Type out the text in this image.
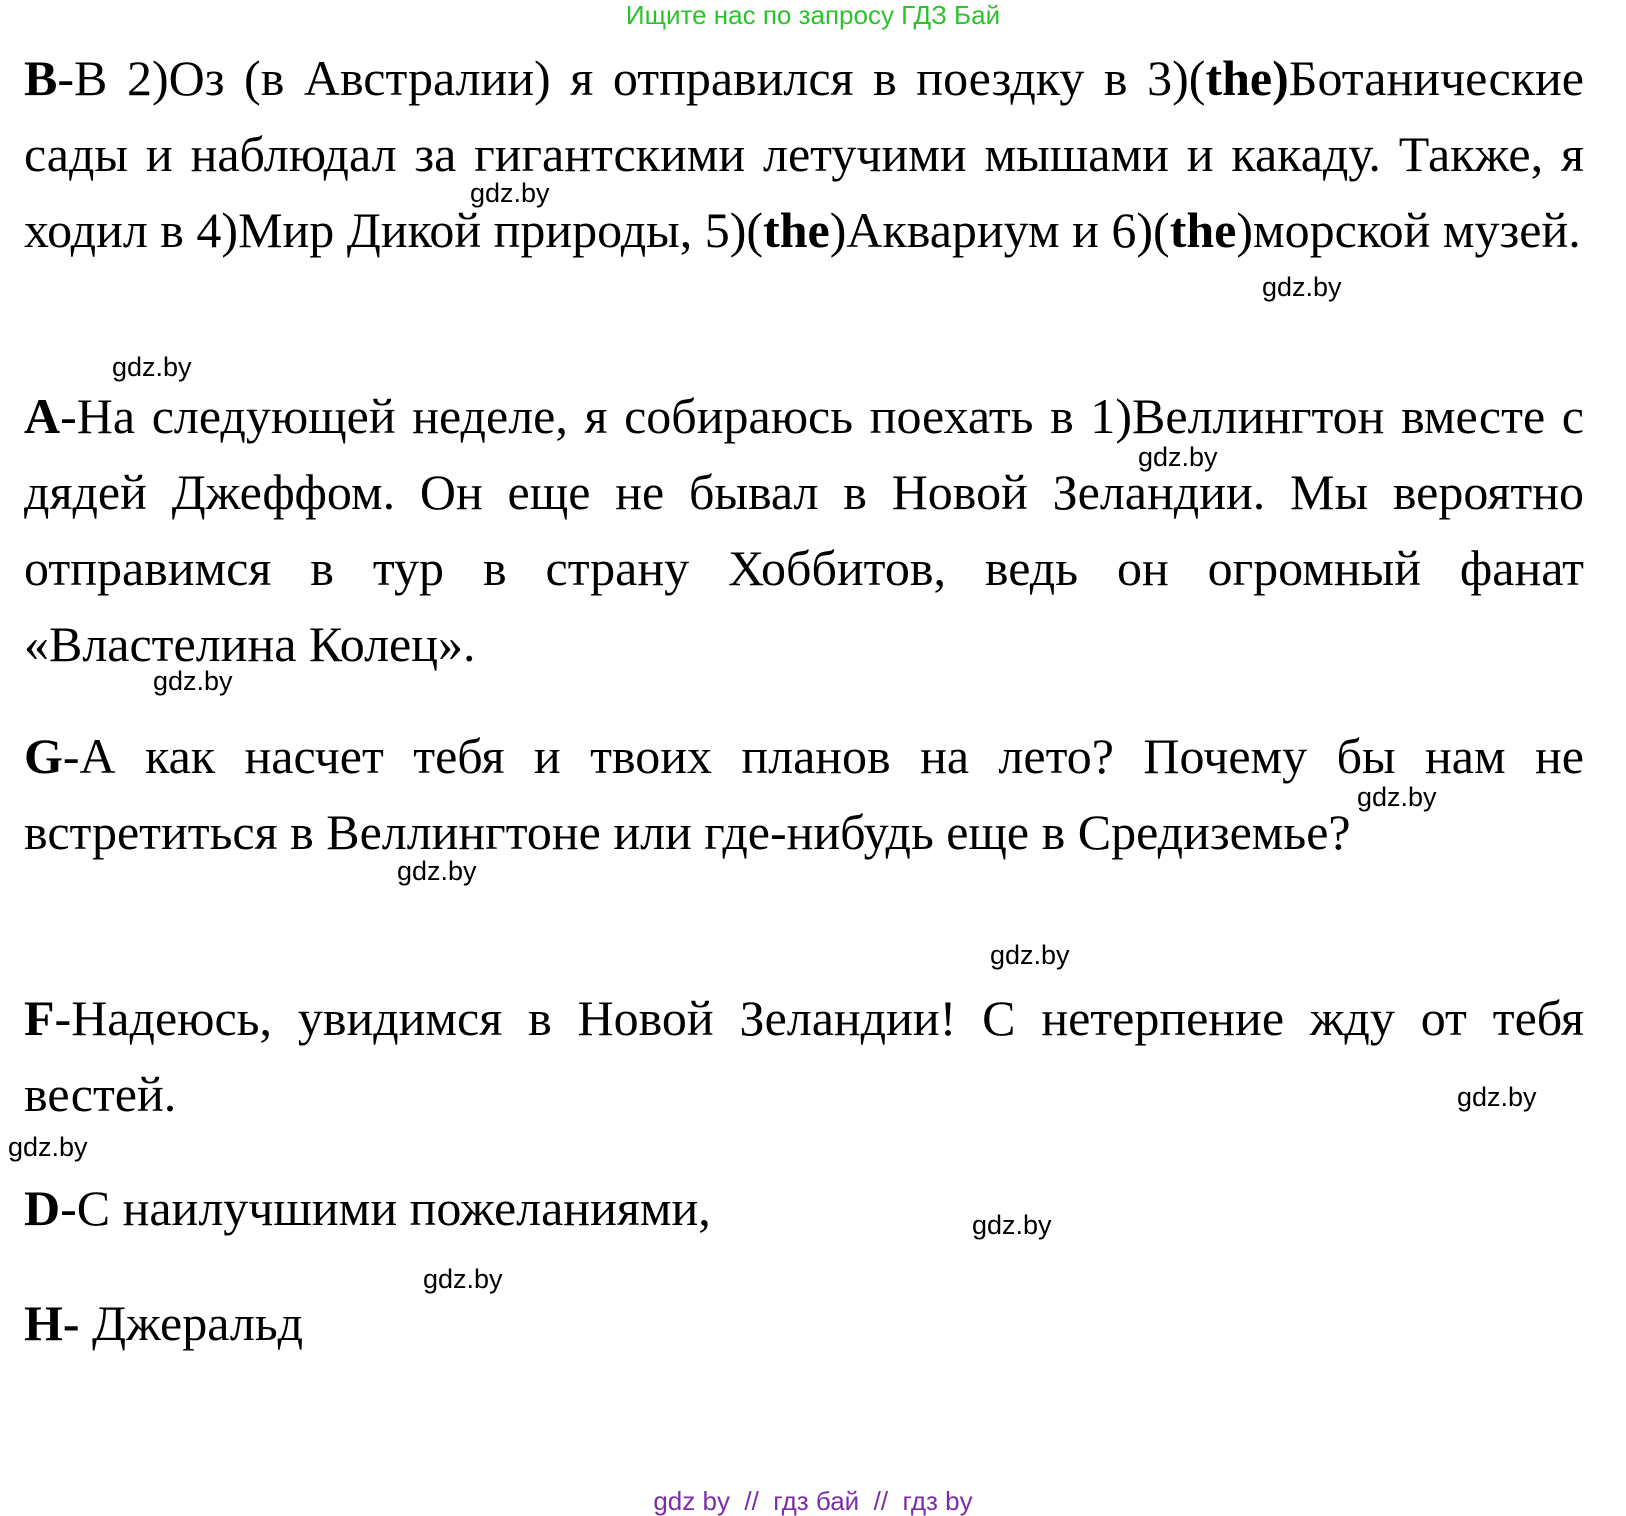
Ищите нас по запросу ГДЗ Бай

B-В 2)Оз (в Австралии) я отправился в поездку в 3)(the)Ботанические сады и наблюдал за гигантскими летучими мышами и какаду. Также, я ходил в 4)Мир Дикой природы, 5)(the)Аквариум и 6)(the)морской музей.

A-На следующей неделе, я собираюсь поехать в 1)Веллингтон вместе с дядей Джеффом. Он еще не бывал в Новой Зеландии. Мы вероятно отправимся в тур в страну Хоббитов, ведь он огромный фанат «Властелина Колец».

G-А как насчет тебя и твоих планов на лето? Почему бы нам не встретиться в Веллингтоне или где-нибудь еще в Средиземье?

F-Надеюсь, увидимся в Новой Зеландии! С нетерпение жду от тебя вестей.

D-С наилучшими пожеланиями,

H- Джеральд

gdz.by
gdz.by
gdz.by
gdz.by
gdz.by
gdz.by
gdz.by
gdz.by
gdz.by
gdz.by
gdz.by
gdz.by
gdz by  //  гдз бай  //  гдз by
